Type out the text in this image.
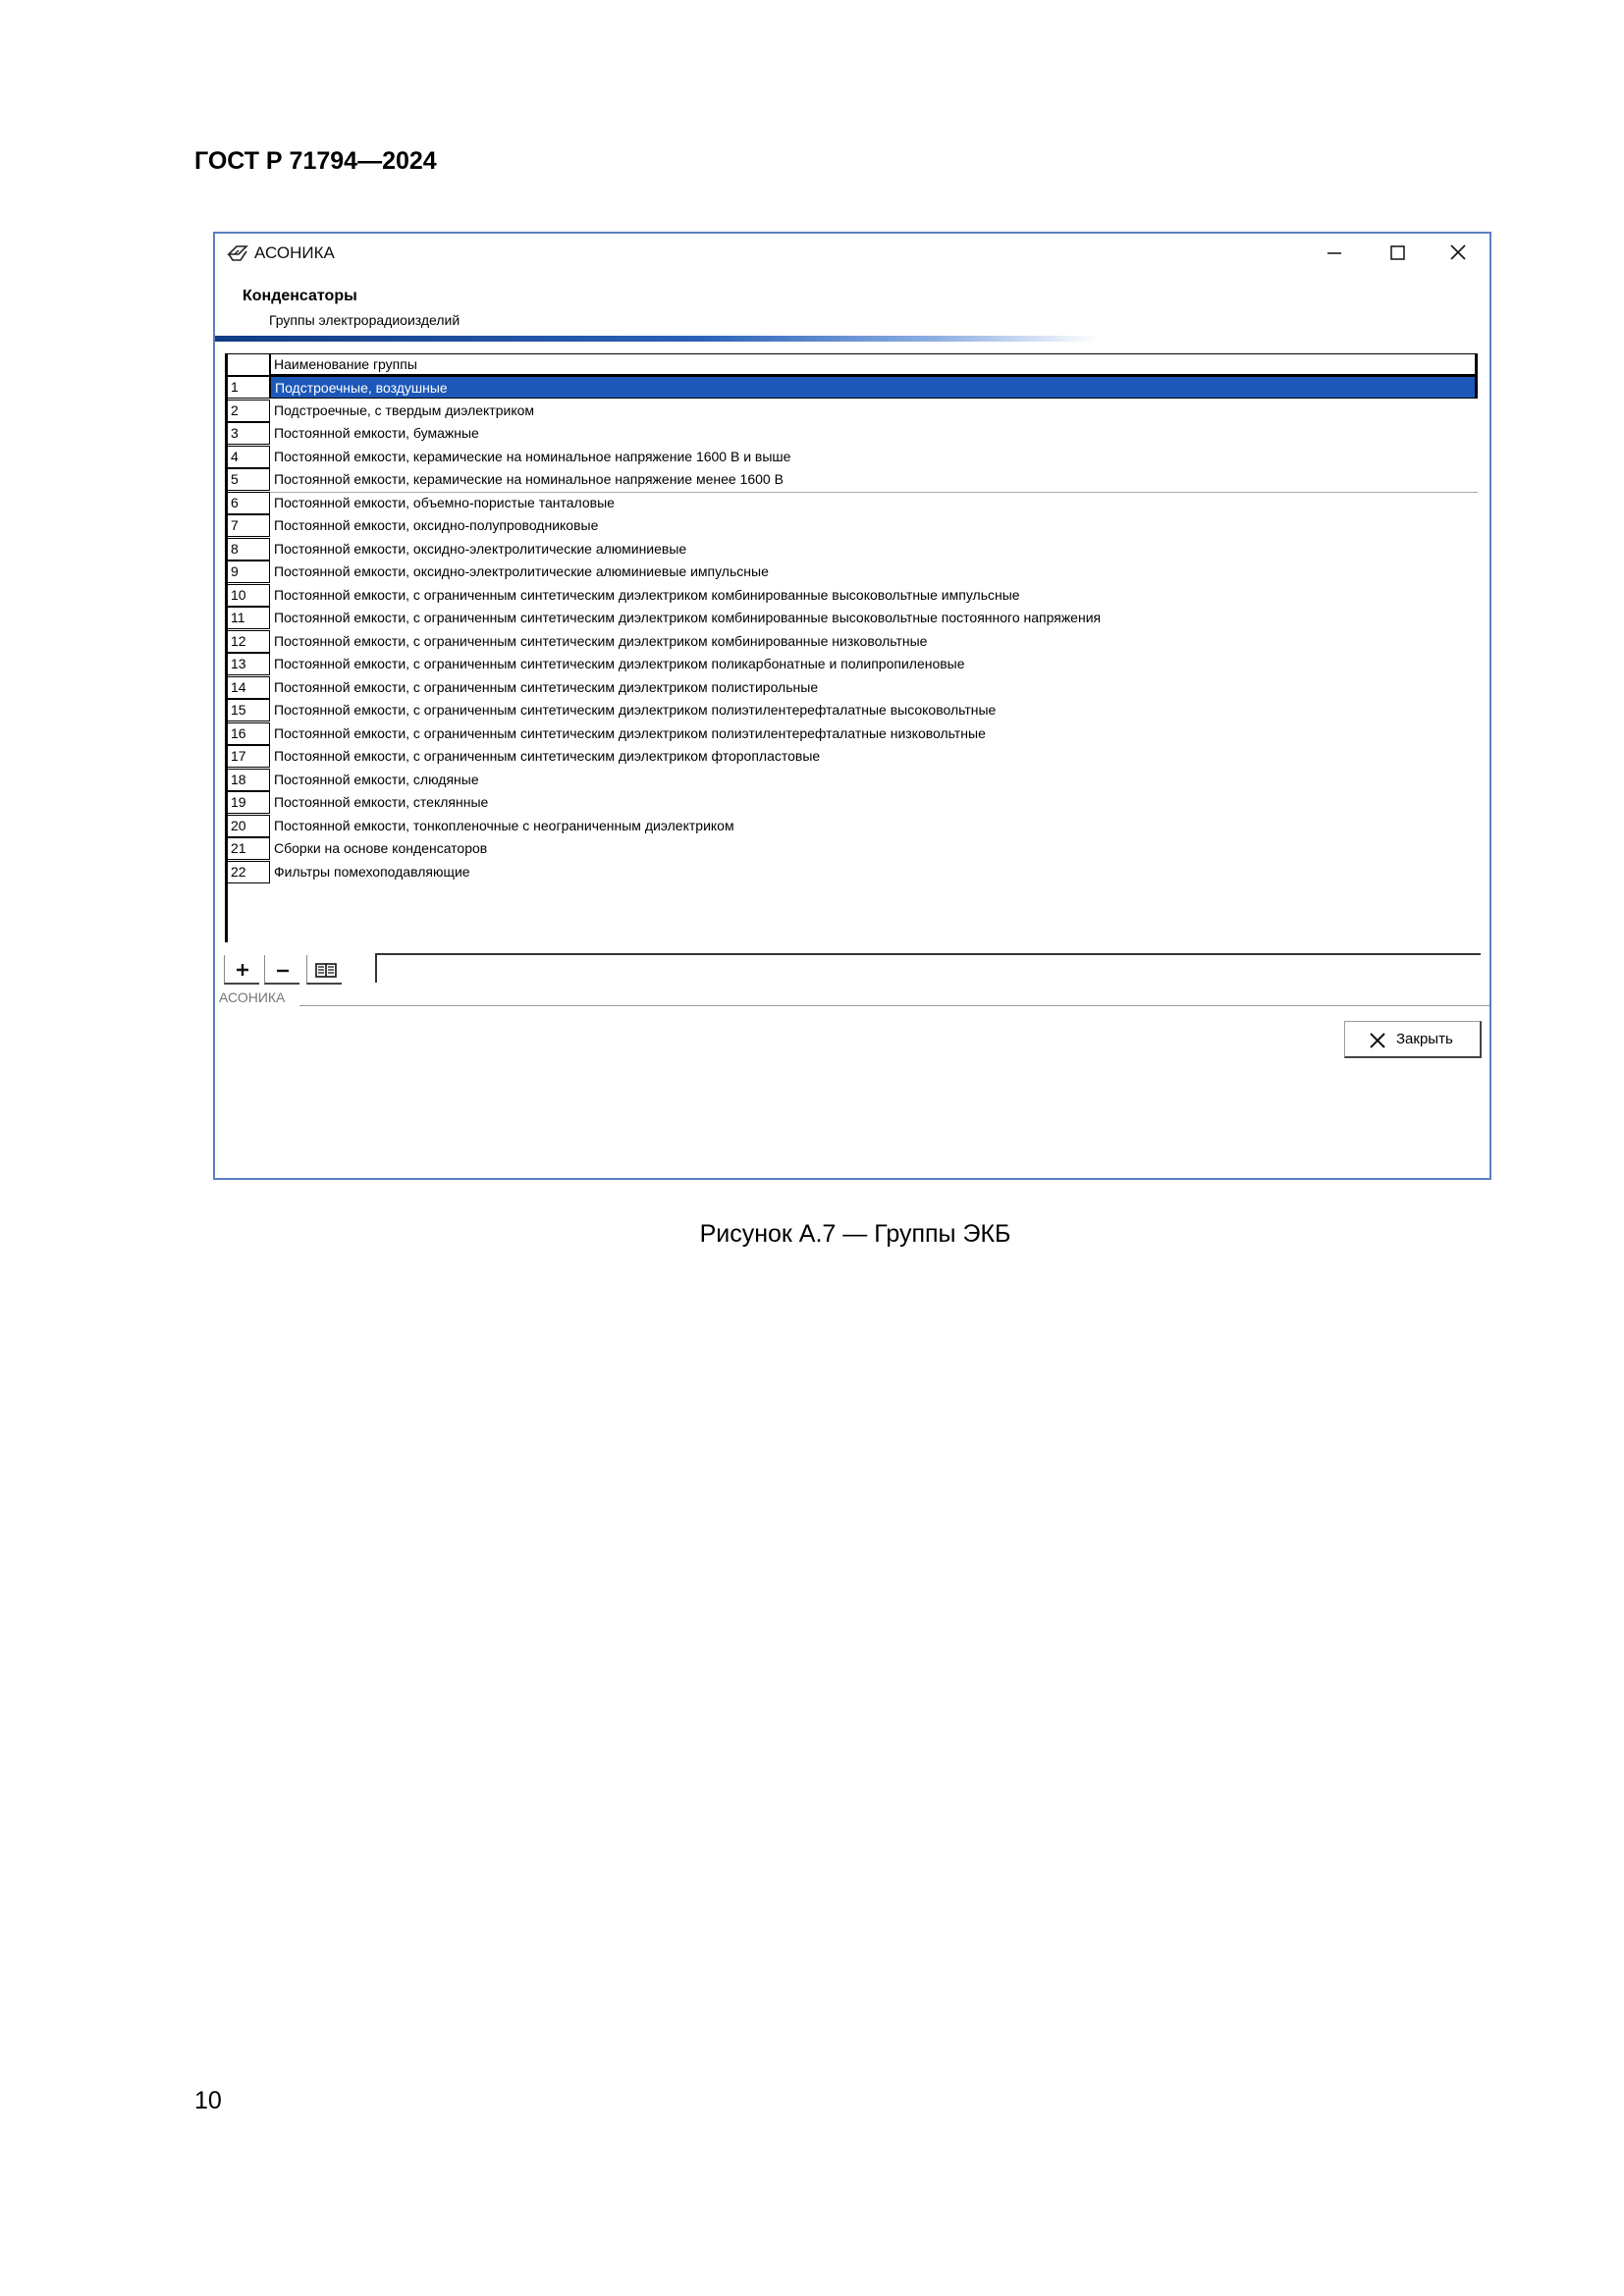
ГОСТ Р 71794—2024
АСОНИКА
Конденсаторы
Группы электрорадиоизделий
Наименование группы
1	Подстроечные, воздушные
2	Подстроечные, с твердым диэлектриком
3	Постоянной емкости, бумажные
4	Постоянной емкости, керамические на номинальное напряжение 1600 В и выше
5	Постоянной емкости, керамические на номинальное напряжение менее 1600 В
6	Постоянной емкости, объемно-пористые танталовые
7	Постоянной емкости, оксидно-полупроводниковые
8	Постоянной емкости, оксидно-электролитические алюминиевые
9	Постоянной емкости, оксидно-электролитические алюминиевые импульсные
10	Постоянной емкости, с ограниченным синтетическим диэлектриком комбинированные высоковольтные импульсные
11	Постоянной емкости, с ограниченным синтетическим диэлектриком комбинированные высоковольтные постоянного напряжения
12	Постоянной емкости, с ограниченным синтетическим диэлектриком комбинированные низковольтные
13	Постоянной емкости, с ограниченным синтетическим диэлектриком поликарбонатные и полипропиленовые
14	Постоянной емкости, с ограниченным синтетическим диэлектриком полистирольные
15	Постоянной емкости, с ограниченным синтетическим диэлектриком полиэтилентерефталатные высоковольтные
16	Постоянной емкости, с ограниченным синтетическим диэлектриком полиэтилентерефталатные низковольтные
17	Постоянной емкости, с ограниченным синтетическим диэлектриком фторопластовые
18	Постоянной емкости, слюдяные
19	Постоянной емкости, стеклянные
20	Постоянной емкости, тонкопленочные с неограниченным диэлектриком
21	Сборки на основе конденсаторов
22	Фильтры помехоподавляющие
АСОНИКА
Закрыть
Рисунок А.7 — Группы ЭКБ
10
